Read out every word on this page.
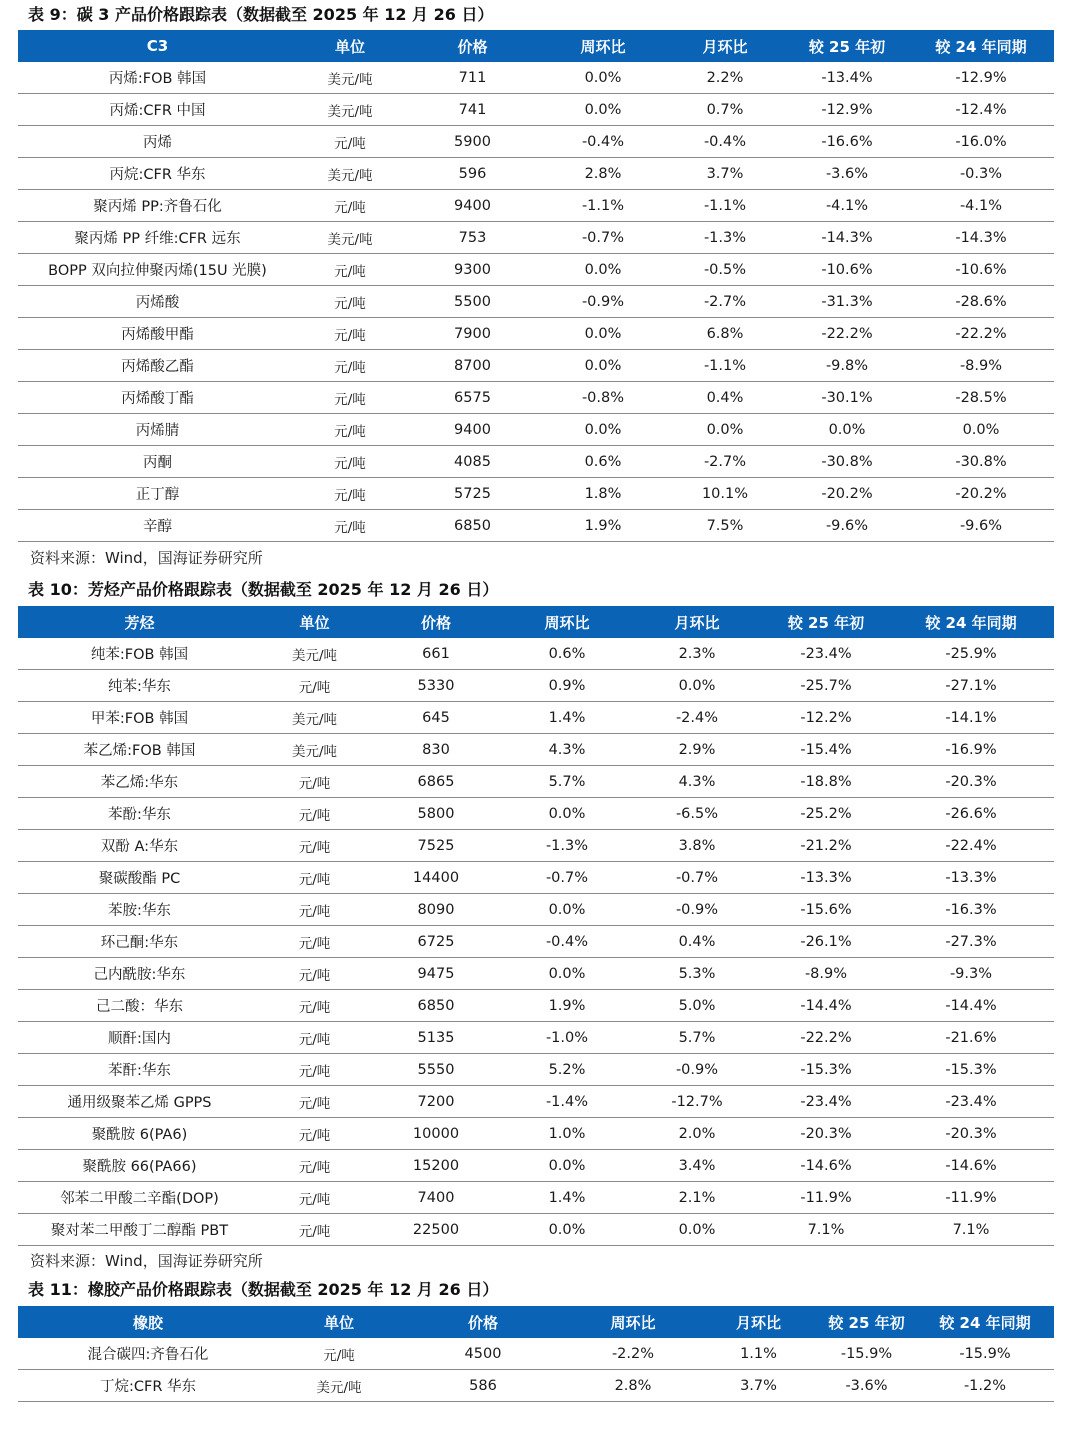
表 9：碳 3 产品价格跟踪表（数据截至 2025 年 12 月 26 日）
C3	单位	价格	周环比	月环比	较 25 年初	较 24 年同期
丙烯:FOB 韩国	美元/吨	711	0.0%	2.2%	-13.4%	-12.9%
丙烯:CFR 中国	美元/吨	741	0.0%	0.7%	-12.9%	-12.4%
丙烯	元/吨	5900	-0.4%	-0.4%	-16.6%	-16.0%
丙烷:CFR 华东	美元/吨	596	2.8%	3.7%	-3.6%	-0.3%
聚丙烯 PP:齐鲁石化	元/吨	9400	-1.1%	-1.1%	-4.1%	-4.1%
聚丙烯 PP 纤维:CFR 远东	美元/吨	753	-0.7%	-1.3%	-14.3%	-14.3%
BOPP 双向拉伸聚丙烯(15U 光膜)	元/吨	9300	0.0%	-0.5%	-10.6%	-10.6%
丙烯酸	元/吨	5500	-0.9%	-2.7%	-31.3%	-28.6%
丙烯酸甲酯	元/吨	7900	0.0%	6.8%	-22.2%	-22.2%
丙烯酸乙酯	元/吨	8700	0.0%	-1.1%	-9.8%	-8.9%
丙烯酸丁酯	元/吨	6575	-0.8%	0.4%	-30.1%	-28.5%
丙烯腈	元/吨	9400	0.0%	0.0%	0.0%	0.0%
丙酮	元/吨	4085	0.6%	-2.7%	-30.8%	-30.8%
正丁醇	元/吨	5725	1.8%	10.1%	-20.2%	-20.2%
辛醇	元/吨	6850	1.9%	7.5%	-9.6%	-9.6%
资料来源：Wind，国海证券研究所
表 10：芳烃产品价格跟踪表（数据截至 2025 年 12 月 26 日）
芳烃	单位	价格	周环比	月环比	较 25 年初	较 24 年同期
纯苯:FOB 韩国	美元/吨	661	0.6%	2.3%	-23.4%	-25.9%
纯苯:华东	元/吨	5330	0.9%	0.0%	-25.7%	-27.1%
甲苯:FOB 韩国	美元/吨	645	1.4%	-2.4%	-12.2%	-14.1%
苯乙烯:FOB 韩国	美元/吨	830	4.3%	2.9%	-15.4%	-16.9%
苯乙烯:华东	元/吨	6865	5.7%	4.3%	-18.8%	-20.3%
苯酚:华东	元/吨	5800	0.0%	-6.5%	-25.2%	-26.6%
双酚 A:华东	元/吨	7525	-1.3%	3.8%	-21.2%	-22.4%
聚碳酸酯 PC	元/吨	14400	-0.7%	-0.7%	-13.3%	-13.3%
苯胺:华东	元/吨	8090	0.0%	-0.9%	-15.6%	-16.3%
环己酮:华东	元/吨	6725	-0.4%	0.4%	-26.1%	-27.3%
己内酰胺:华东	元/吨	9475	0.0%	5.3%	-8.9%	-9.3%
己二酸：华东	元/吨	6850	1.9%	5.0%	-14.4%	-14.4%
顺酐:国内	元/吨	5135	-1.0%	5.7%	-22.2%	-21.6%
苯酐:华东	元/吨	5550	5.2%	-0.9%	-15.3%	-15.3%
通用级聚苯乙烯 GPPS	元/吨	7200	-1.4%	-12.7%	-23.4%	-23.4%
聚酰胺 6(PA6)	元/吨	10000	1.0%	2.0%	-20.3%	-20.3%
聚酰胺 66(PA66)	元/吨	15200	0.0%	3.4%	-14.6%	-14.6%
邻苯二甲酸二辛酯(DOP)	元/吨	7400	1.4%	2.1%	-11.9%	-11.9%
聚对苯二甲酸丁二醇酯 PBT	元/吨	22500	0.0%	0.0%	7.1%	7.1%
资料来源：Wind，国海证券研究所
表 11：橡胶产品价格跟踪表（数据截至 2025 年 12 月 26 日）
橡胶	单位	价格	周环比	月环比	较 25 年初	较 24 年同期
混合碳四:齐鲁石化	元/吨	4500	-2.2%	1.1%	-15.9%	-15.9%
丁烷:CFR 华东	美元/吨	586	2.8%	3.7%	-3.6%	-1.2%
